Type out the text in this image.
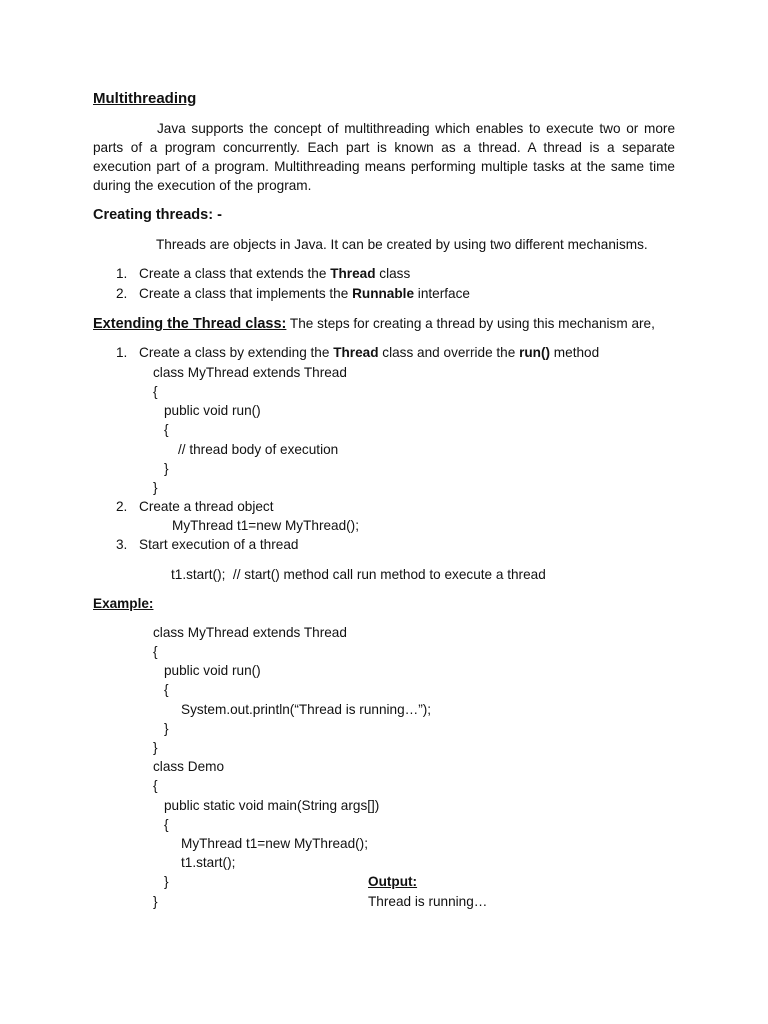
Multithreading
Java supports the concept of multithreading which enables to execute two or more parts of a program concurrently. Each part is known as a thread. A thread is a separate execution part of a program. Multithreading means performing multiple tasks at the same time during the execution of the program.
Creating threads: -
Threads are objects in Java. It can be created by using two different mechanisms.
1. Create a class that extends the Thread class
2. Create a class that implements the Runnable interface
Extending the Thread class: The steps for creating a thread by using this mechanism are,
1. Create a class by extending the Thread class and override the run() method
class MyThread extends Thread
{
public void run()
{
// thread body of execution
}
}
2. Create a thread object
MyThread t1=new MyThread();
3. Start execution of a thread
t1.start();  // start() method call run method to execute a thread
Example:
class MyThread extends Thread
{
public void run()
{
System.out.println(“Thread is running…”);
}
}
class Demo
{
public static void main(String args[])
{
MyThread t1=new MyThread();
t1.start();
}
}
Output:
Thread is running…
